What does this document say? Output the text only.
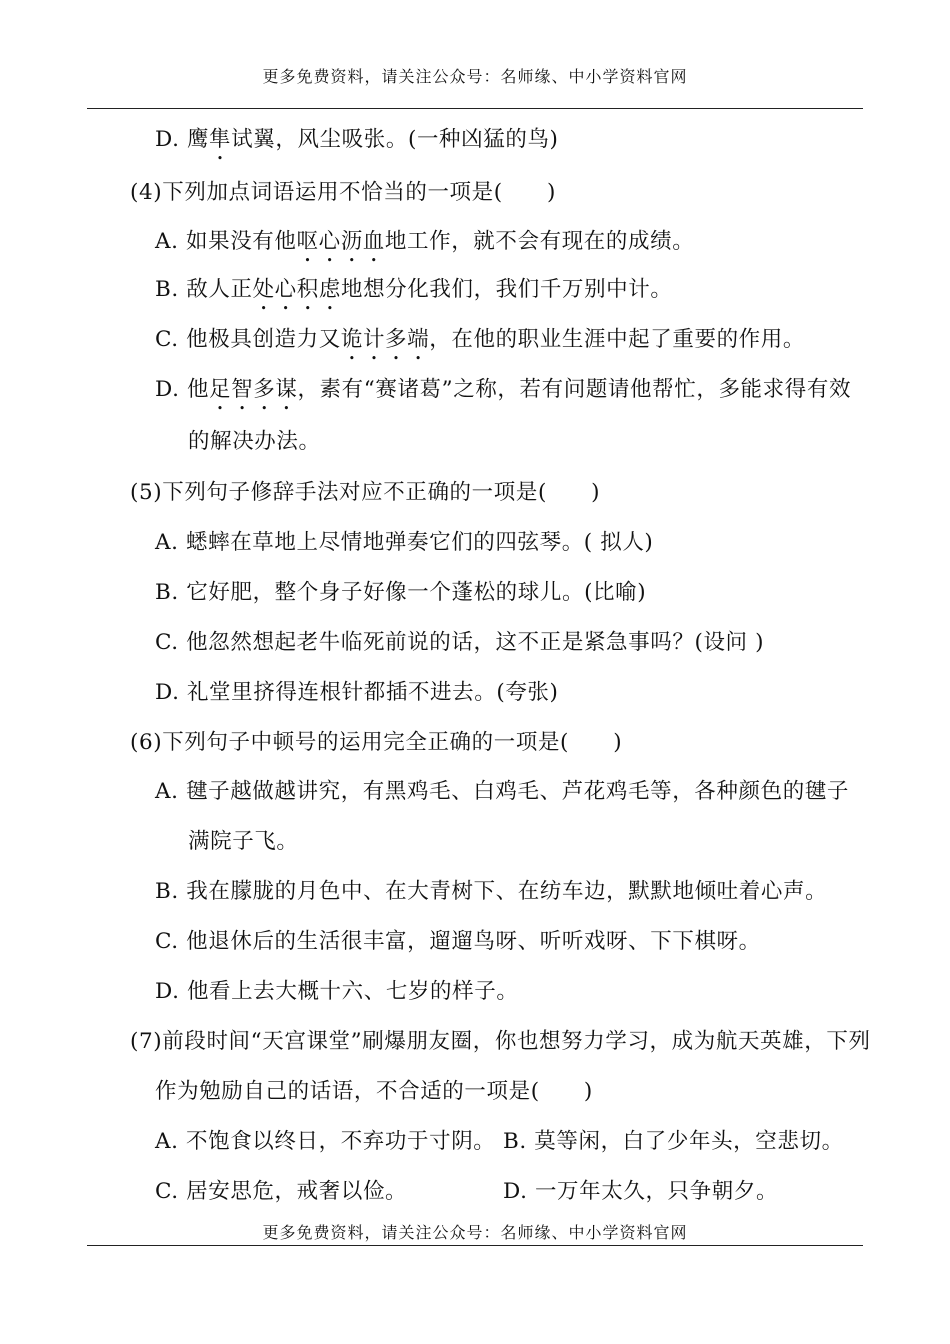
更多免费资料，请关注公众号：名师缘、中小学资料官网
D. 鹰隼试翼，风尘吸张。(一种凶猛的鸟)
(4)下列加点词语运用不恰当的一项是(　　)
A. 如果没有他呕心沥血地工作，就不会有现在的成绩。
B. 敌人正处心积虑地想分化我们，我们千万别中计。
C. 他极具创造力又诡计多端，在他的职业生涯中起了重要的作用。
D. 他足智多谋，素有“赛诸葛”之称，若有问题请他帮忙，多能求得有效
的解决办法。
(5)下列句子修辞手法对应不正确的一项是(　　)
A. 蟋蟀在草地上尽情地弹奏它们的四弦琴。( 拟人)
B. 它好肥，整个身子好像一个蓬松的球儿。(比喻)
C. 他忽然想起老牛临死前说的话，这不正是紧急事吗？(设问 )
D. 礼堂里挤得连根针都插不进去。(夸张)
(6)下列句子中顿号的运用完全正确的一项是(　　)
A. 毽子越做越讲究，有黑鸡毛、白鸡毛、芦花鸡毛等，各种颜色的毽子
满院子飞。
B. 我在朦胧的月色中、在大青树下、在纺车边，默默地倾吐着心声。
C. 他退休后的生活很丰富，遛遛鸟呀、听听戏呀、下下棋呀。
D. 他看上去大概十六、七岁的样子。
(7)前段时间“天宫课堂”刷爆朋友圈，你也想努力学习，成为航天英雄，下列
作为勉励自己的话语，不合适的一项是(　　)
A. 不饱食以终日，不弃功于寸阴。 B. 莫等闲，白了少年头，空悲切。
C. 居安思危，戒奢以俭。	D. 一万年太久，只争朝夕。
更多免费资料，请关注公众号：名师缘、中小学资料官网
